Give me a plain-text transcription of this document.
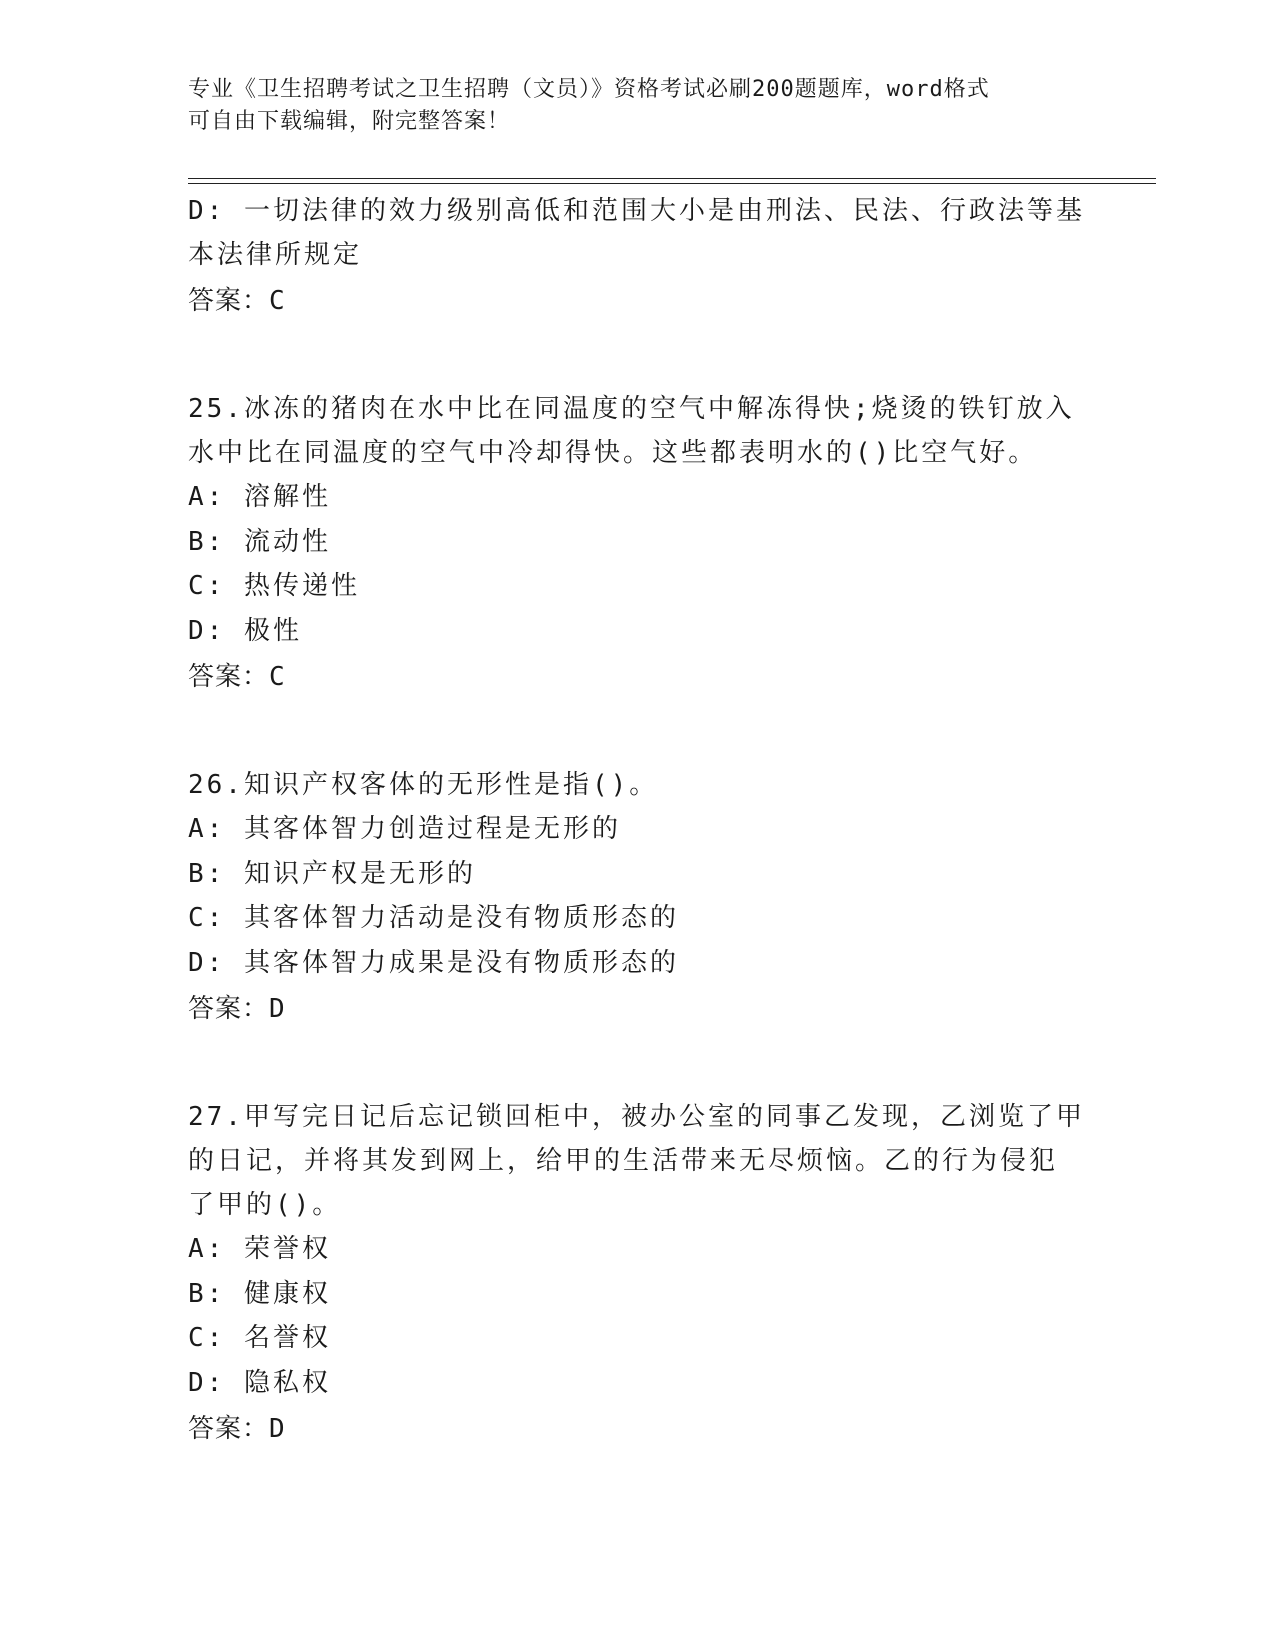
专业《卫生招聘考试之卫生招聘（文员）》资格考试必刷200题题库，word格式
可自由下载编辑，附完整答案！
D: 一切法律的效力级别高低和范围大小是由刑法、民法、行政法等基
本法律所规定
答案：C
25.冰冻的猪肉在水中比在同温度的空气中解冻得快;烧烫的铁钉放入
水中比在同温度的空气中冷却得快。这些都表明水的()比空气好。
A: 溶解性
B: 流动性
C: 热传递性
D: 极性
答案：C
26.知识产权客体的无形性是指()。
A: 其客体智力创造过程是无形的
B: 知识产权是无形的
C: 其客体智力活动是没有物质形态的
D: 其客体智力成果是没有物质形态的
答案：D
27.甲写完日记后忘记锁回柜中，被办公室的同事乙发现，乙浏览了甲
的日记，并将其发到网上，给甲的生活带来无尽烦恼。乙的行为侵犯
了甲的()。
A: 荣誉权
B: 健康权
C: 名誉权
D: 隐私权
答案：D
